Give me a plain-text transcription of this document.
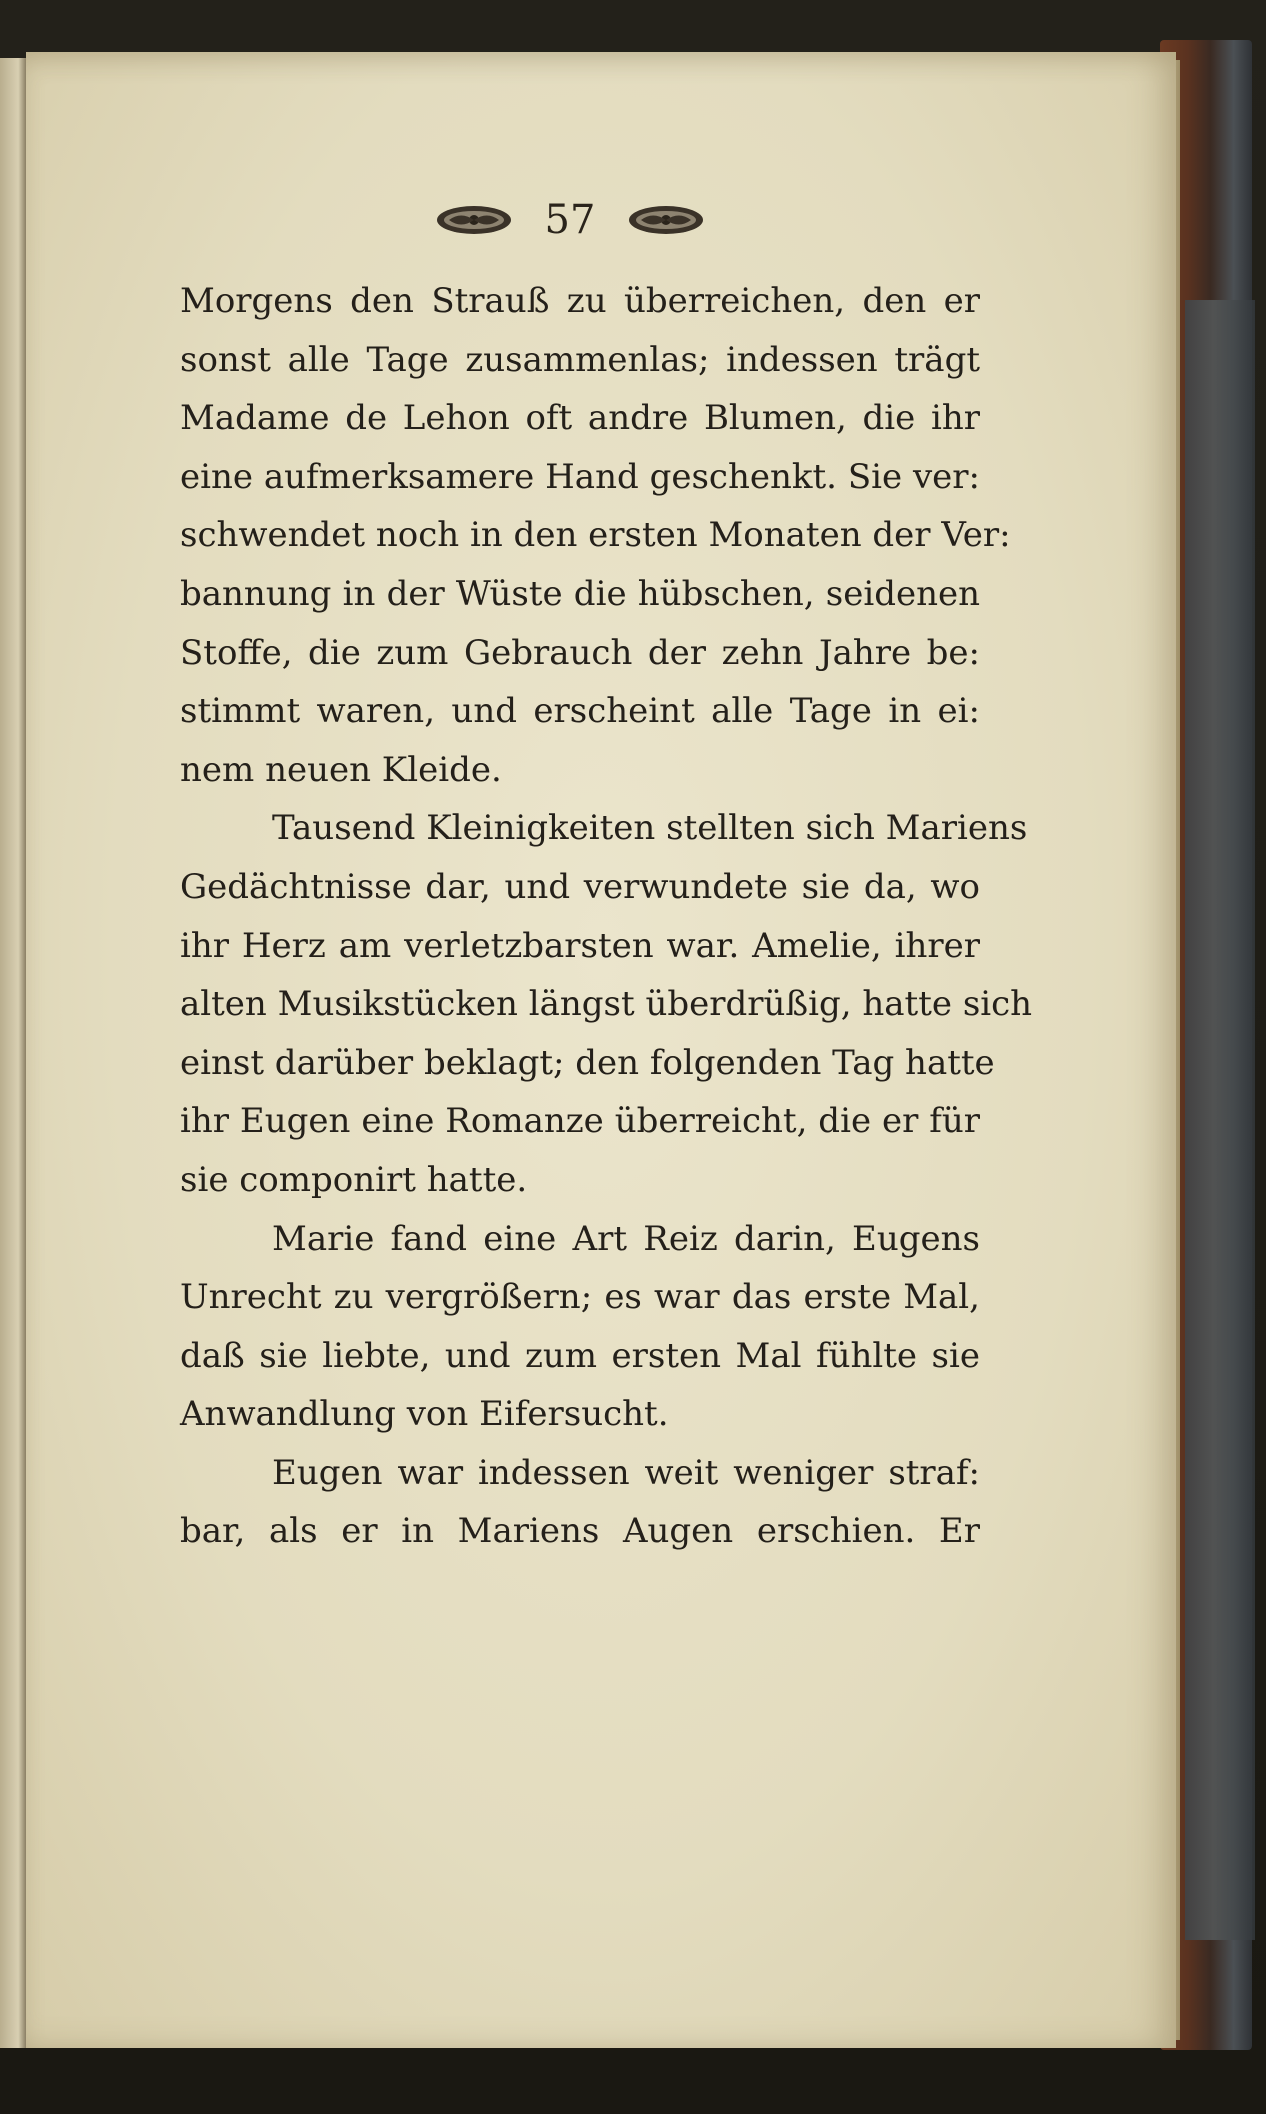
57
Morgens den Strauß zu überreichen, den er
sonst alle Tage zusammenlas; indessen trägt
Madame de Lehon oft andre Blumen, die ihr
eine aufmerksamere Hand geschenkt. Sie ver:
schwendet noch in den ersten Monaten der Ver:
bannung in der Wüste die hübschen, seidenen
Stoffe, die zum Gebrauch der zehn Jahre be:
stimmt waren, und erscheint alle Tage in ei:
nem neuen Kleide.
Tausend Kleinigkeiten stellten sich Mariens
Gedächtnisse dar, und verwundete sie da, wo
ihr Herz am verletzbarsten war. Amelie, ihrer
alten Musikstücken längst überdrüßig, hatte sich
einst darüber beklagt; den folgenden Tag hatte
ihr Eugen eine Romanze überreicht, die er für
sie componirt hatte.
Marie fand eine Art Reiz darin, Eugens
Unrecht zu vergrößern; es war das erste Mal,
daß sie liebte, und zum ersten Mal fühlte sie
Anwandlung von Eifersucht.
Eugen war indessen weit weniger straf:
bar, als er in Mariens Augen erschien. Er
